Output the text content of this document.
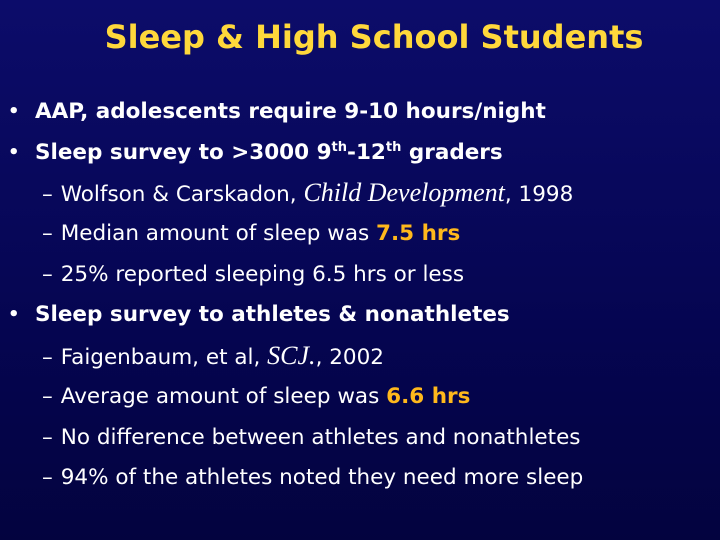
Sleep & High School Students
• AAP, adolescents require 9-10 hours/night
• Sleep survey to >3000 9th-12th graders
– Wolfson & Carskadon, Child Development, 1998
– Median amount of sleep was 7.5 hrs
– 25% reported sleeping 6.5 hrs or less
• Sleep survey to athletes & nonathletes
– Faigenbaum, et al, SCJ., 2002
– Average amount of sleep was 6.6 hrs
– No difference between athletes and nonathletes
– 94% of the athletes noted they need more sleep
